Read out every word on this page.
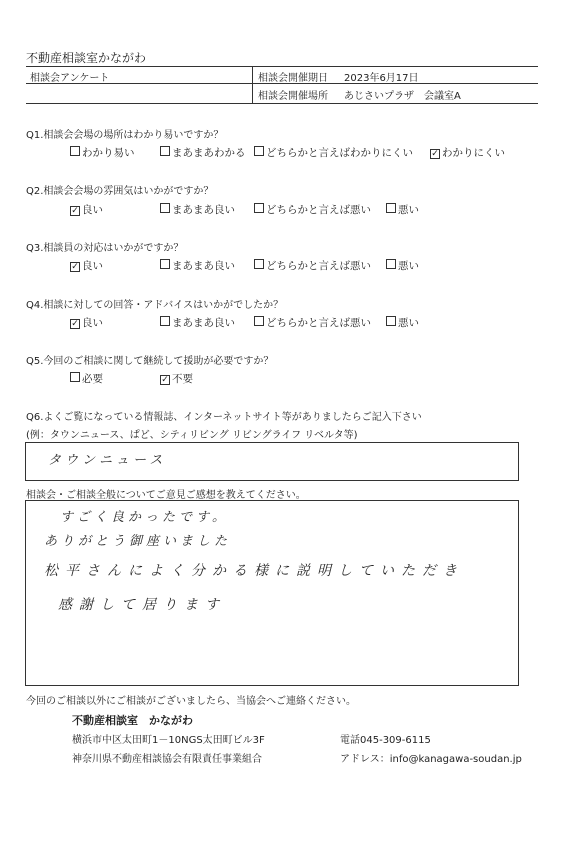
不動産相談室かながわ
相談会アンケート	相談会開催期日 2023年6月17日
相談会開催場所 あじさいプラザ　会議室A
Q1.相談会会場の場所はわかり易いですか？
わかり易い	まあまあわかる	どちらかと言えばわかりにくい ✓ わかりにくい
Q2.相談会会場の雰囲気はいかがですか？
✓ 良い	まあまあ良い	どちらかと言えば悪い	悪い
Q3.相談員の対応はいかがですか？
✓ 良い	まあまあ良い	どちらかと言えば悪い	悪い
Q4.相談に対しての回答・アドバイスはいかがでしたか？
✓ 良い	まあまあ良い	どちらかと言えば悪い	悪い
Q5.今回のご相談に関して継続して援助が必要ですか？
必要	✓ 不要
Q6.よくご覧になっている情報誌、インターネットサイト等がありましたらご記入下さい
(例：タウンニュース、ぱど、シティリビング リビングライフ リベルタ等)
タウンニュース
相談会・ご相談全般についてご意見ご感想を教えてください。
すごく良かったです。
ありがとう御座いました
松平さんによく分かる様に説明していただき
感謝して居ります
今回のご相談以外にご相談がございましたら、当協会へご連絡ください。
不動産相談室　かながわ
横浜市中区太田町1－10NGS太田町ビル3F	電話045-309-6115
神奈川県不動産相談協会有限責任事業組合	アドレス：info@kanagawa-soudan.jp
